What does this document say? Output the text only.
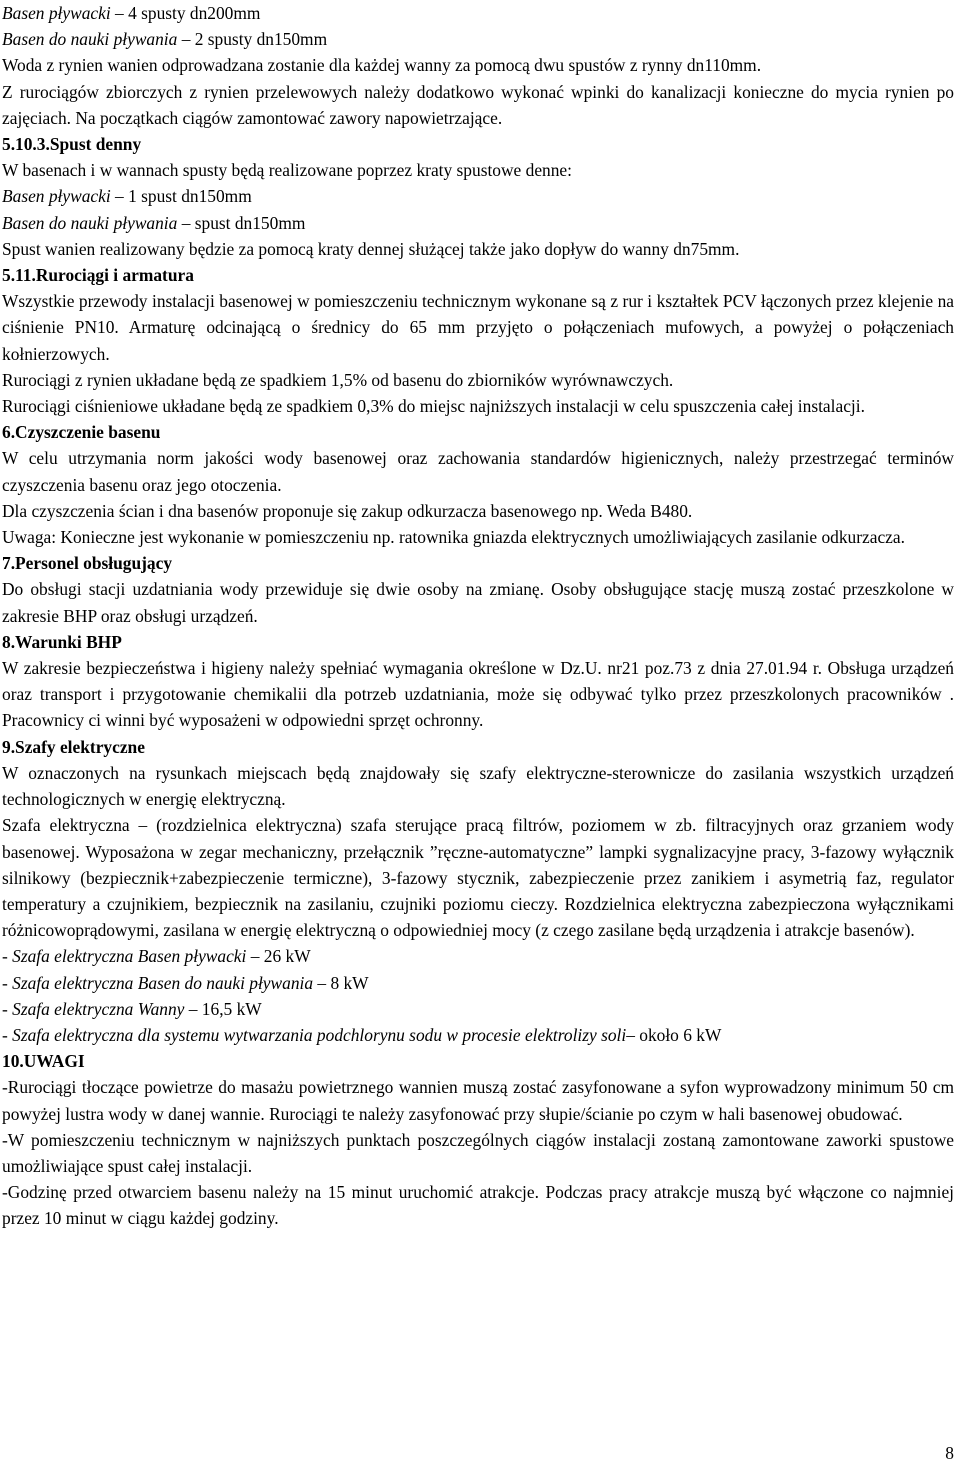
Basen pływacki – 4 spusty dn200mm

Basen do nauki pływania – 2 spusty dn150mm

Woda z rynien wanien odprowadzana zostanie dla każdej wanny za pomocą dwu spustów z rynny dn110mm.

Z rurociągów zbiorczych z rynien przelewowych należy dodatkowo wykonać wpinki do kanalizacji konieczne do mycia rynien po zajęciach. Na początkach ciągów zamontować zawory napowietrzające.

5.10.3.Spust denny

W basenach i w wannach spusty będą realizowane poprzez kraty spustowe denne:

Basen pływacki – 1 spust dn150mm

Basen do nauki pływania – spust dn150mm

Spust wanien realizowany będzie za pomocą kraty dennej służącej także jako dopływ do wanny dn75mm.

5.11.Rurociągi i armatura

Wszystkie przewody instalacji basenowej w pomieszczeniu technicznym wykonane są z rur i kształtek PCV łączonych przez klejenie na ciśnienie PN10. Armaturę odcinającą o średnicy do 65 mm przyjęto o połączeniach mufowych, a powyżej o połączeniach kołnierzowych.

Rurociągi z rynien układane będą ze spadkiem 1,5% od basenu do zbiorników wyrównawczych.

Rurociągi ciśnieniowe układane będą ze spadkiem 0,3% do miejsc najniższych instalacji w celu spuszczenia całej instalacji.

6.Czyszczenie basenu

W celu utrzymania norm jakości wody basenowej oraz zachowania standardów higienicznych, należy przestrzegać terminów czyszczenia basenu oraz jego otoczenia.

Dla czyszczenia ścian i dna basenów proponuje się zakup odkurzacza basenowego np. Weda B480.

Uwaga: Konieczne jest wykonanie w pomieszczeniu np. ratownika gniazda elektrycznych umożliwiających zasilanie odkurzacza.

7.Personel obsługujący

Do obsługi stacji uzdatniania wody przewiduje się dwie osoby na zmianę. Osoby obsługujące stację muszą zostać przeszkolone w zakresie BHP oraz obsługi urządzeń.

8.Warunki BHP

W zakresie bezpieczeństwa i higieny należy spełniać wymagania określone w Dz.U. nr21 poz.73 z dnia 27.01.94 r. Obsługa urządzeń oraz transport i przygotowanie chemikalii dla potrzeb uzdatniania, może się odbywać tylko przez przeszkolonych pracowników . Pracownicy ci winni być wyposażeni w odpowiedni sprzęt ochronny.

9.Szafy elektryczne

W oznaczonych na rysunkach miejscach będą znajdowały się szafy elektryczne-sterownicze do zasilania wszystkich urządzeń technologicznych w energię elektryczną.

Szafa elektryczna – (rozdzielnica elektryczna) szafa sterujące pracą filtrów, poziomem w zb. filtracyjnych oraz grzaniem wody basenowej. Wyposażona w zegar mechaniczny, przełącznik ”ręczne-automatyczne” lampki sygnalizacyjne pracy, 3-fazowy wyłącznik silnikowy (bezpiecznik+zabezpieczenie termiczne), 3-fazowy stycznik, zabezpieczenie przez zanikiem i asymetrią faz, regulator temperatury a czujnikiem, bezpiecznik na zasilaniu, czujniki poziomu cieczy. Rozdzielnica elektryczna zabezpieczona wyłącznikami różnicowoprądowymi, zasilana w energię elektryczną o odpowiedniej mocy (z czego zasilane będą urządzenia i atrakcje basenów).

- Szafa elektryczna Basen pływacki – 26 kW

- Szafa elektryczna Basen do nauki pływania – 8 kW

- Szafa elektryczna Wanny – 16,5 kW

- Szafa elektryczna dla systemu wytwarzania podchlorynu sodu w procesie elektrolizy soli– około 6 kW

10.UWAGI

-Rurociągi tłoczące powietrze do masażu powietrznego wannien muszą zostać zasyfonowane a syfon wyprowadzony minimum 50 cm powyżej lustra wody w danej wannie. Rurociągi te należy zasyfonować przy słupie/ścianie po czym w hali basenowej obudować.

-W pomieszczeniu technicznym w najniższych punktach poszczególnych ciągów instalacji zostaną zamontowane zaworki spustowe umożliwiające spust całej instalacji.

-Godzinę przed otwarciem basenu należy na 15 minut uruchomić atrakcje. Podczas pracy atrakcje muszą być włączone co najmniej przez 10 minut w ciągu każdej godziny.

8
